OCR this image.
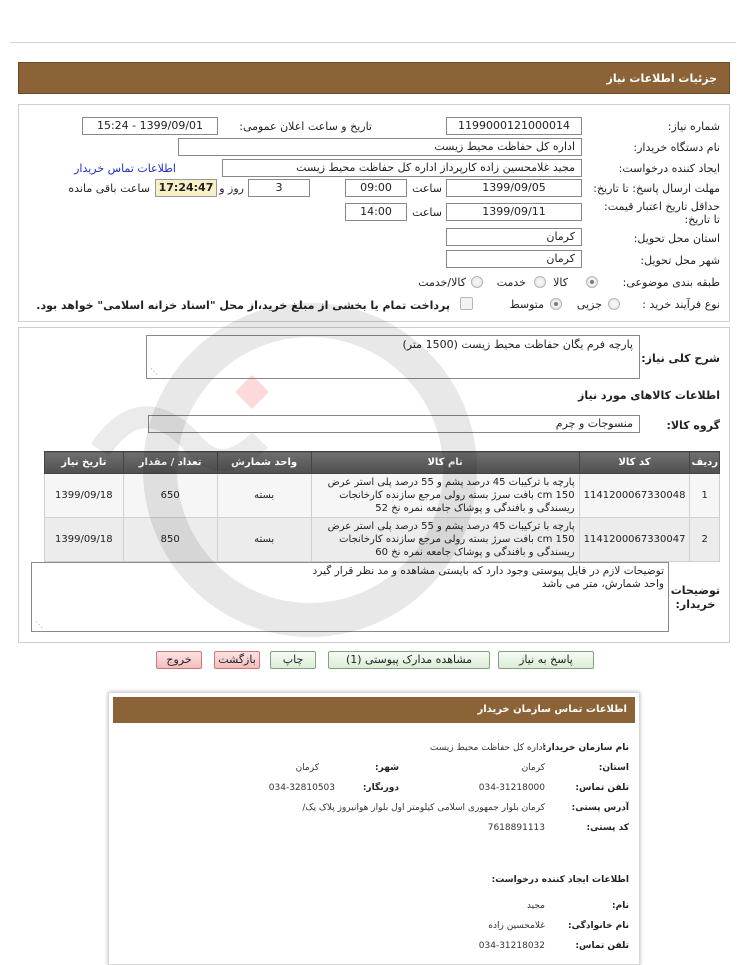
جزئیات اطلاعات نیاز
شماره نیاز:
1199000121000014
تاریخ و ساعت اعلان عمومی:
1399/09/01 - 15:24
نام دستگاه خریدار:
اداره کل حفاظت محیط زیست
ایجاد کننده درخواست:
مجید غلامحسین زاده کارپرداز اداره کل حفاظت محیط زیست
اطلاعات تماس خریدار
مهلت ارسال پاسخ: تا تاریخ:
1399/09/05
ساعت
09:00
3
روز و
17:24:47
ساعت باقی مانده
حداقل تاریخ اعتبار قیمت: تا تاریخ:
1399/09/11
ساعت
14:00
استان محل تحویل:
کرمان
شهر محل تحویل:
کرمان
طبقه بندی موضوعی:
کالا
خدمت
کالا/خدمت
نوع فرآیند خرید :
جزیی
متوسط
پرداخت تمام یا بخشی از مبلغ خرید،از محل "اسناد خزانه اسلامی" خواهد بود.
شرح کلی نیاز:
پارچه فرم یگان حفاظت محیط زیست (1500 متر)
⋰
اطلاعات کالاهای مورد نیاز
گروه کالا:
منسوجات و چرم
ردیف	کد کالا	نام کالا	واحد شمارش	تعداد / مقدار	تاریخ نیاز
1	1141200067330048	پارچه با ترکیبات 45 درصد پشم و 55 درصد پلی استر عرض 150 cm بافت سرژ بسته رولی مرجع سازنده کارخانجات ریسندگی و بافندگی و پوشاک جامعه نمره نخ 52	بسته	650	1399/09/18
2	1141200067330047	پارچه با ترکیبات 45 درصد پشم و 55 درصد پلی استر عرض 150 cm بافت سرژ بسته رولی مرجع سازنده کارخانجات ریسندگی و بافندگی و پوشاک جامعه نمره نخ 60	بسته	850	1399/09/18
توضیحات
خریدار:
توضیحات لازم در فایل پیوستی وجود دارد که بایستی مشاهده و مد نظر قرار گیرد
واحد شمارش، متر می باشد
⋰
پاسخ به نیاز
مشاهده مدارک پیوستی (1)
چاپ
بازگشت
خروج
اطلاعات تماس سازمان خریدار
نام سازمان خریدار:
اداره کل حفاظت محیط زیست
استان:
کرمان
شهر:
کرمان
تلفن تماس:
034-31218000
دورنگار:
034-32810503
آدرس پستی:
کرمان بلوار جمهوری اسلامی کیلومتر اول بلوار هوانیروز پلاک یک/
کد پستی:
7618891113
اطلاعات ایجاد کننده درخواست:
نام:
مجید
نام خانوادگی:
غلامحسین زاده
تلفن تماس:
034-31218032
